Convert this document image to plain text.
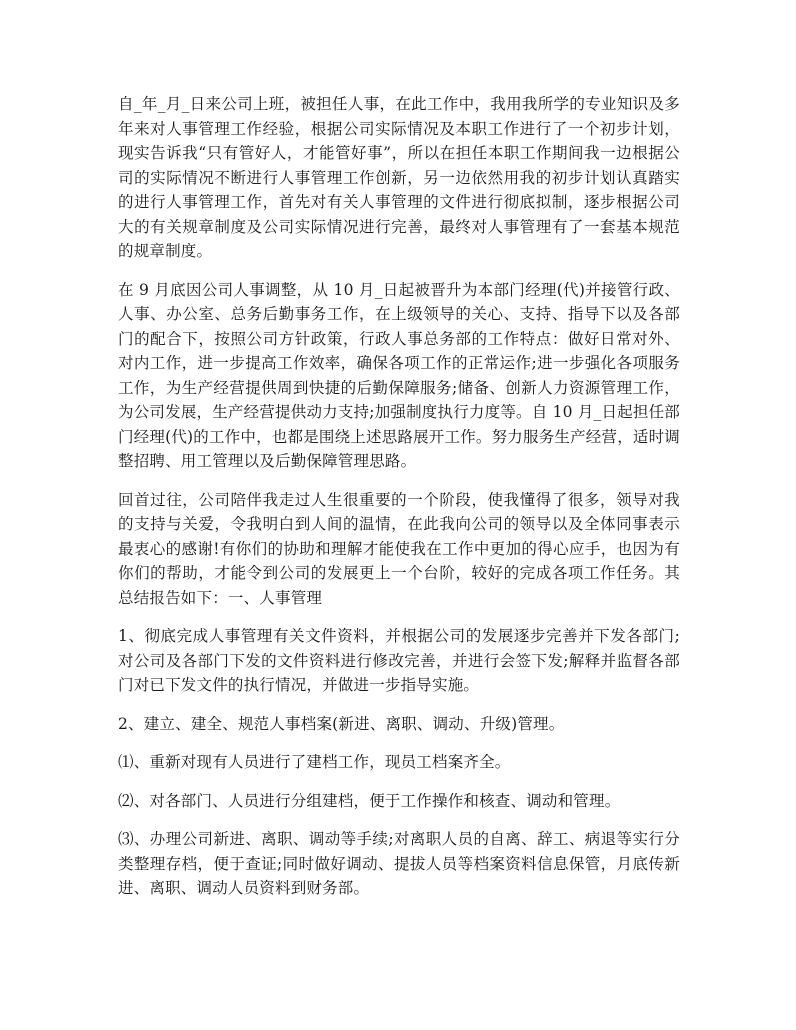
自_年_月_日来公司上班，被担任人事，在此工作中，我用我所学的专业知识及多年来对人事管理工作经验，根据公司实际情况及本职工作进行了一个初步计划，现实告诉我“只有管好人，才能管好事”，所以在担任本职工作期间我一边根据公司的实际情况不断进行人事管理工作创新，另一边依然用我的初步计划认真踏实的进行人事管理工作，首先对有关人事管理的文件进行彻底拟制，逐步根据公司大的有关规章制度及公司实际情况进行完善，最终对人事管理有了一套基本规范的规章制度。

在 9 月底因公司人事调整，从 10 月_日起被晋升为本部门经理(代)并接管行政、人事、办公室、总务后勤事务工作，在上级领导的关心、支持、指导下以及各部门的配合下，按照公司方针政策，行政人事总务部的工作特点：做好日常对外、对内工作，进一步提高工作效率，确保各项工作的正常运作;进一步强化各项服务工作，为生产经营提供周到快捷的后勤保障服务;储备、创新人力资源管理工作，为公司发展，生产经营提供动力支持;加强制度执行力度等。自 10 月_日起担任部门经理(代)的工作中，也都是围绕上述思路展开工作。努力服务生产经营，适时调整招聘、用工管理以及后勤保障管理思路。

回首过往，公司陪伴我走过人生很重要的一个阶段，使我懂得了很多，领导对我的支持与关爱，令我明白到人间的温情，在此我向公司的领导以及全体同事表示最衷心的感谢!有你们的协助和理解才能使我在工作中更加的得心应手，也因为有你们的帮助，才能令到公司的发展更上一个台阶，较好的完成各项工作任务。其总结报告如下：一、人事管理

1、彻底完成人事管理有关文件资料，并根据公司的发展逐步完善并下发各部门;对公司及各部门下发的文件资料进行修改完善，并进行会签下发;解释并监督各部门对已下发文件的执行情况，并做进一步指导实施。

2、建立、建全、规范人事档案(新进、离职、调动、升级)管理。

⑴、重新对现有人员进行了建档工作，现员工档案齐全。

⑵、对各部门、人员进行分组建档，便于工作操作和核查、调动和管理。

⑶、办理公司新进、离职、调动等手续;对离职人员的自离、辞工、病退等实行分类整理存档，便于查证;同时做好调动、提拔人员等档案资料信息保管，月底传新进、离职、调动人员资料到财务部。
